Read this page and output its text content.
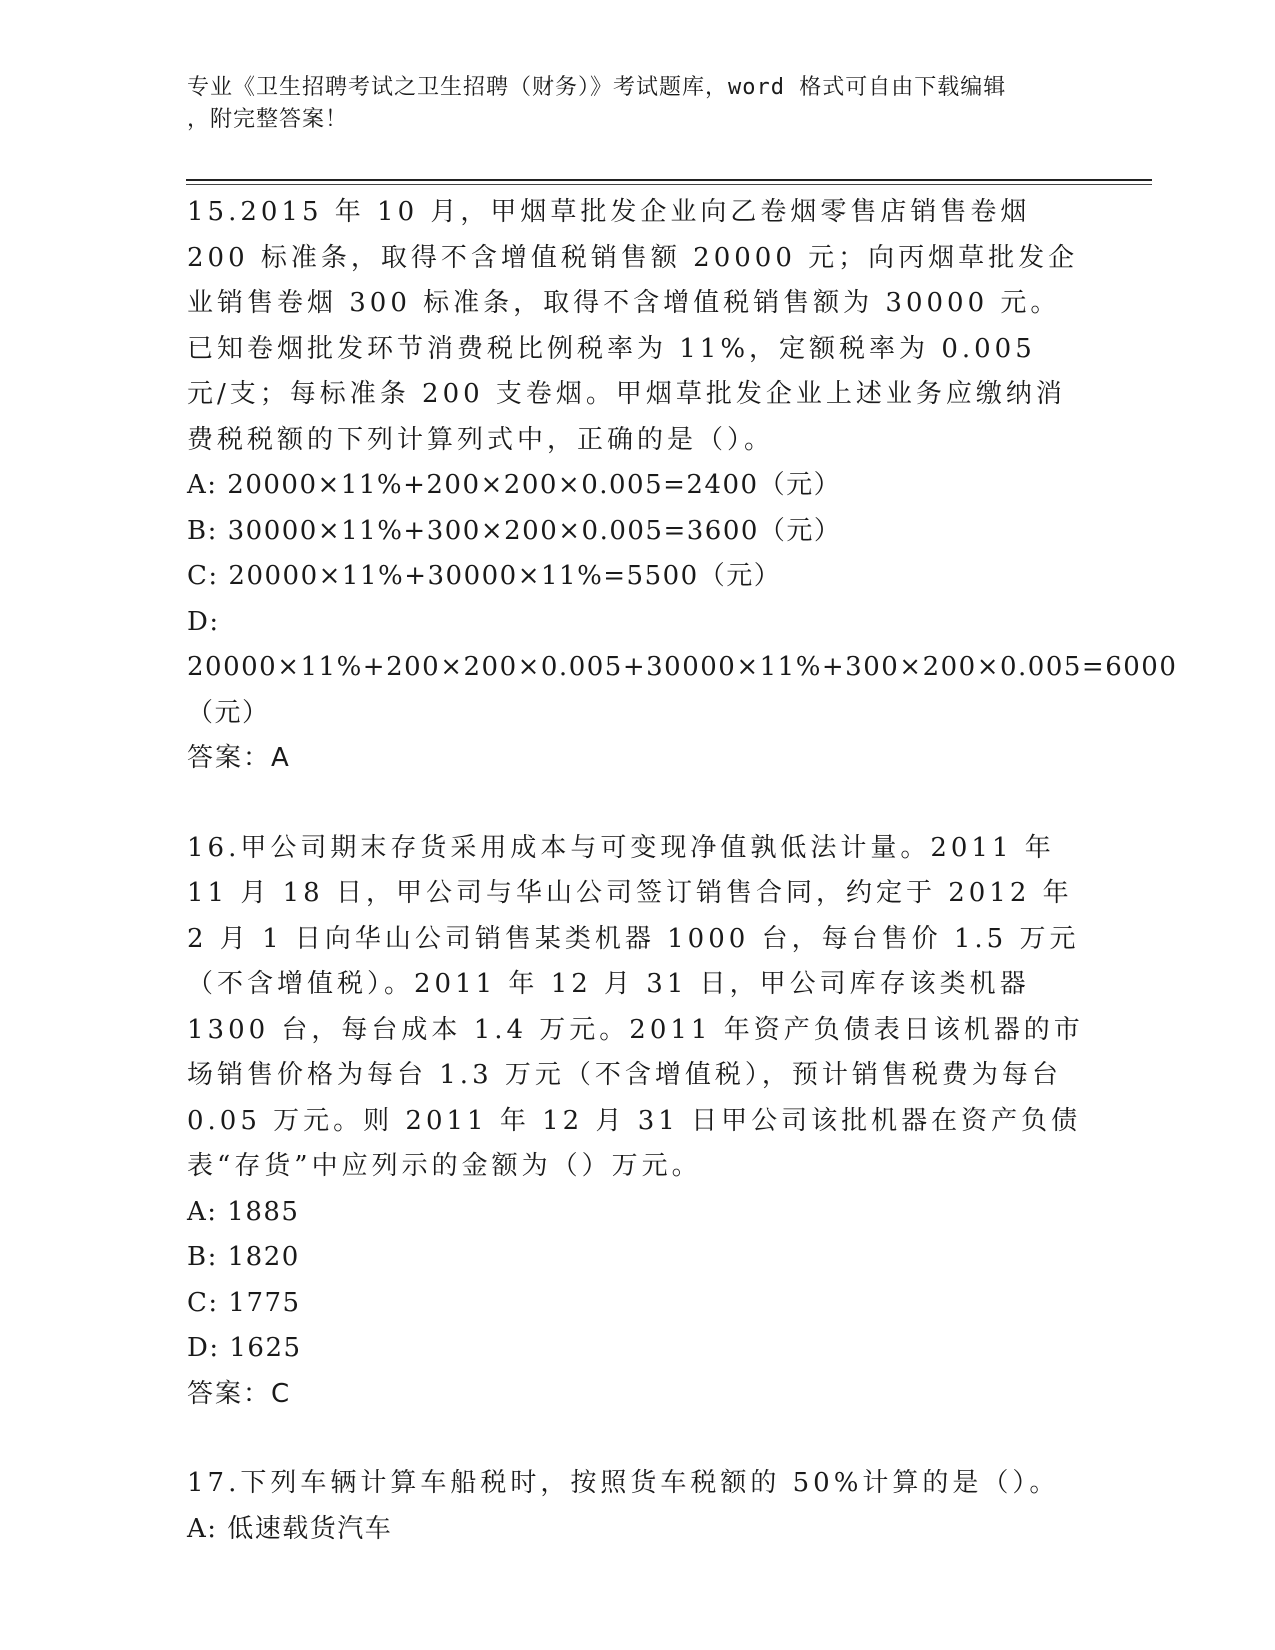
专业《卫生招聘考试之卫生招聘（财务）》考试题库，word 格式可自由下载编辑
，附完整答案！

15.2015 年 10 月，甲烟草批发企业向乙卷烟零售店销售卷烟 200 标准条，取得不含增值税销售额 20000 元；向丙烟草批发企业销售卷烟 300 标准条，取得不含增值税销售额为 30000 元。已知卷烟批发环节消费税比例税率为 11%，定额税率为 0.005 元/支；每标准条 200 支卷烟。甲烟草批发企业上述业务应缴纳消费税税额的下列计算列式中，正确的是（）。

A: 20000×11%+200×200×0.005=2400（元）

B: 30000×11%+300×200×0.005=3600（元）

C: 20000×11%+30000×11%=5500（元）

D: 20000×11%+200×200×0.005+30000×11%+300×200×0.005=6000（元）

答案：A

16.甲公司期末存货采用成本与可变现净值孰低法计量。2011 年 11 月 18 日，甲公司与华山公司签订销售合同，约定于 2012 年 2 月 1 日向华山公司销售某类机器 1000 台，每台售价 1.5 万元（不含增值税）。2011 年 12 月 31 日，甲公司库存该类机器 1300 台，每台成本 1.4 万元。2011 年资产负债表日该机器的市场销售价格为每台 1.3 万元（不含增值税），预计销售税费为每台 0.05 万元。则 2011 年 12 月 31 日甲公司该批机器在资产负债表“存货”中应列示的金额为（）万元。

A: 1885

B: 1820

C: 1775

D: 1625

答案：C

17.下列车辆计算车船税时，按照货车税额的 50%计算的是（）。

A: 低速载货汽车
